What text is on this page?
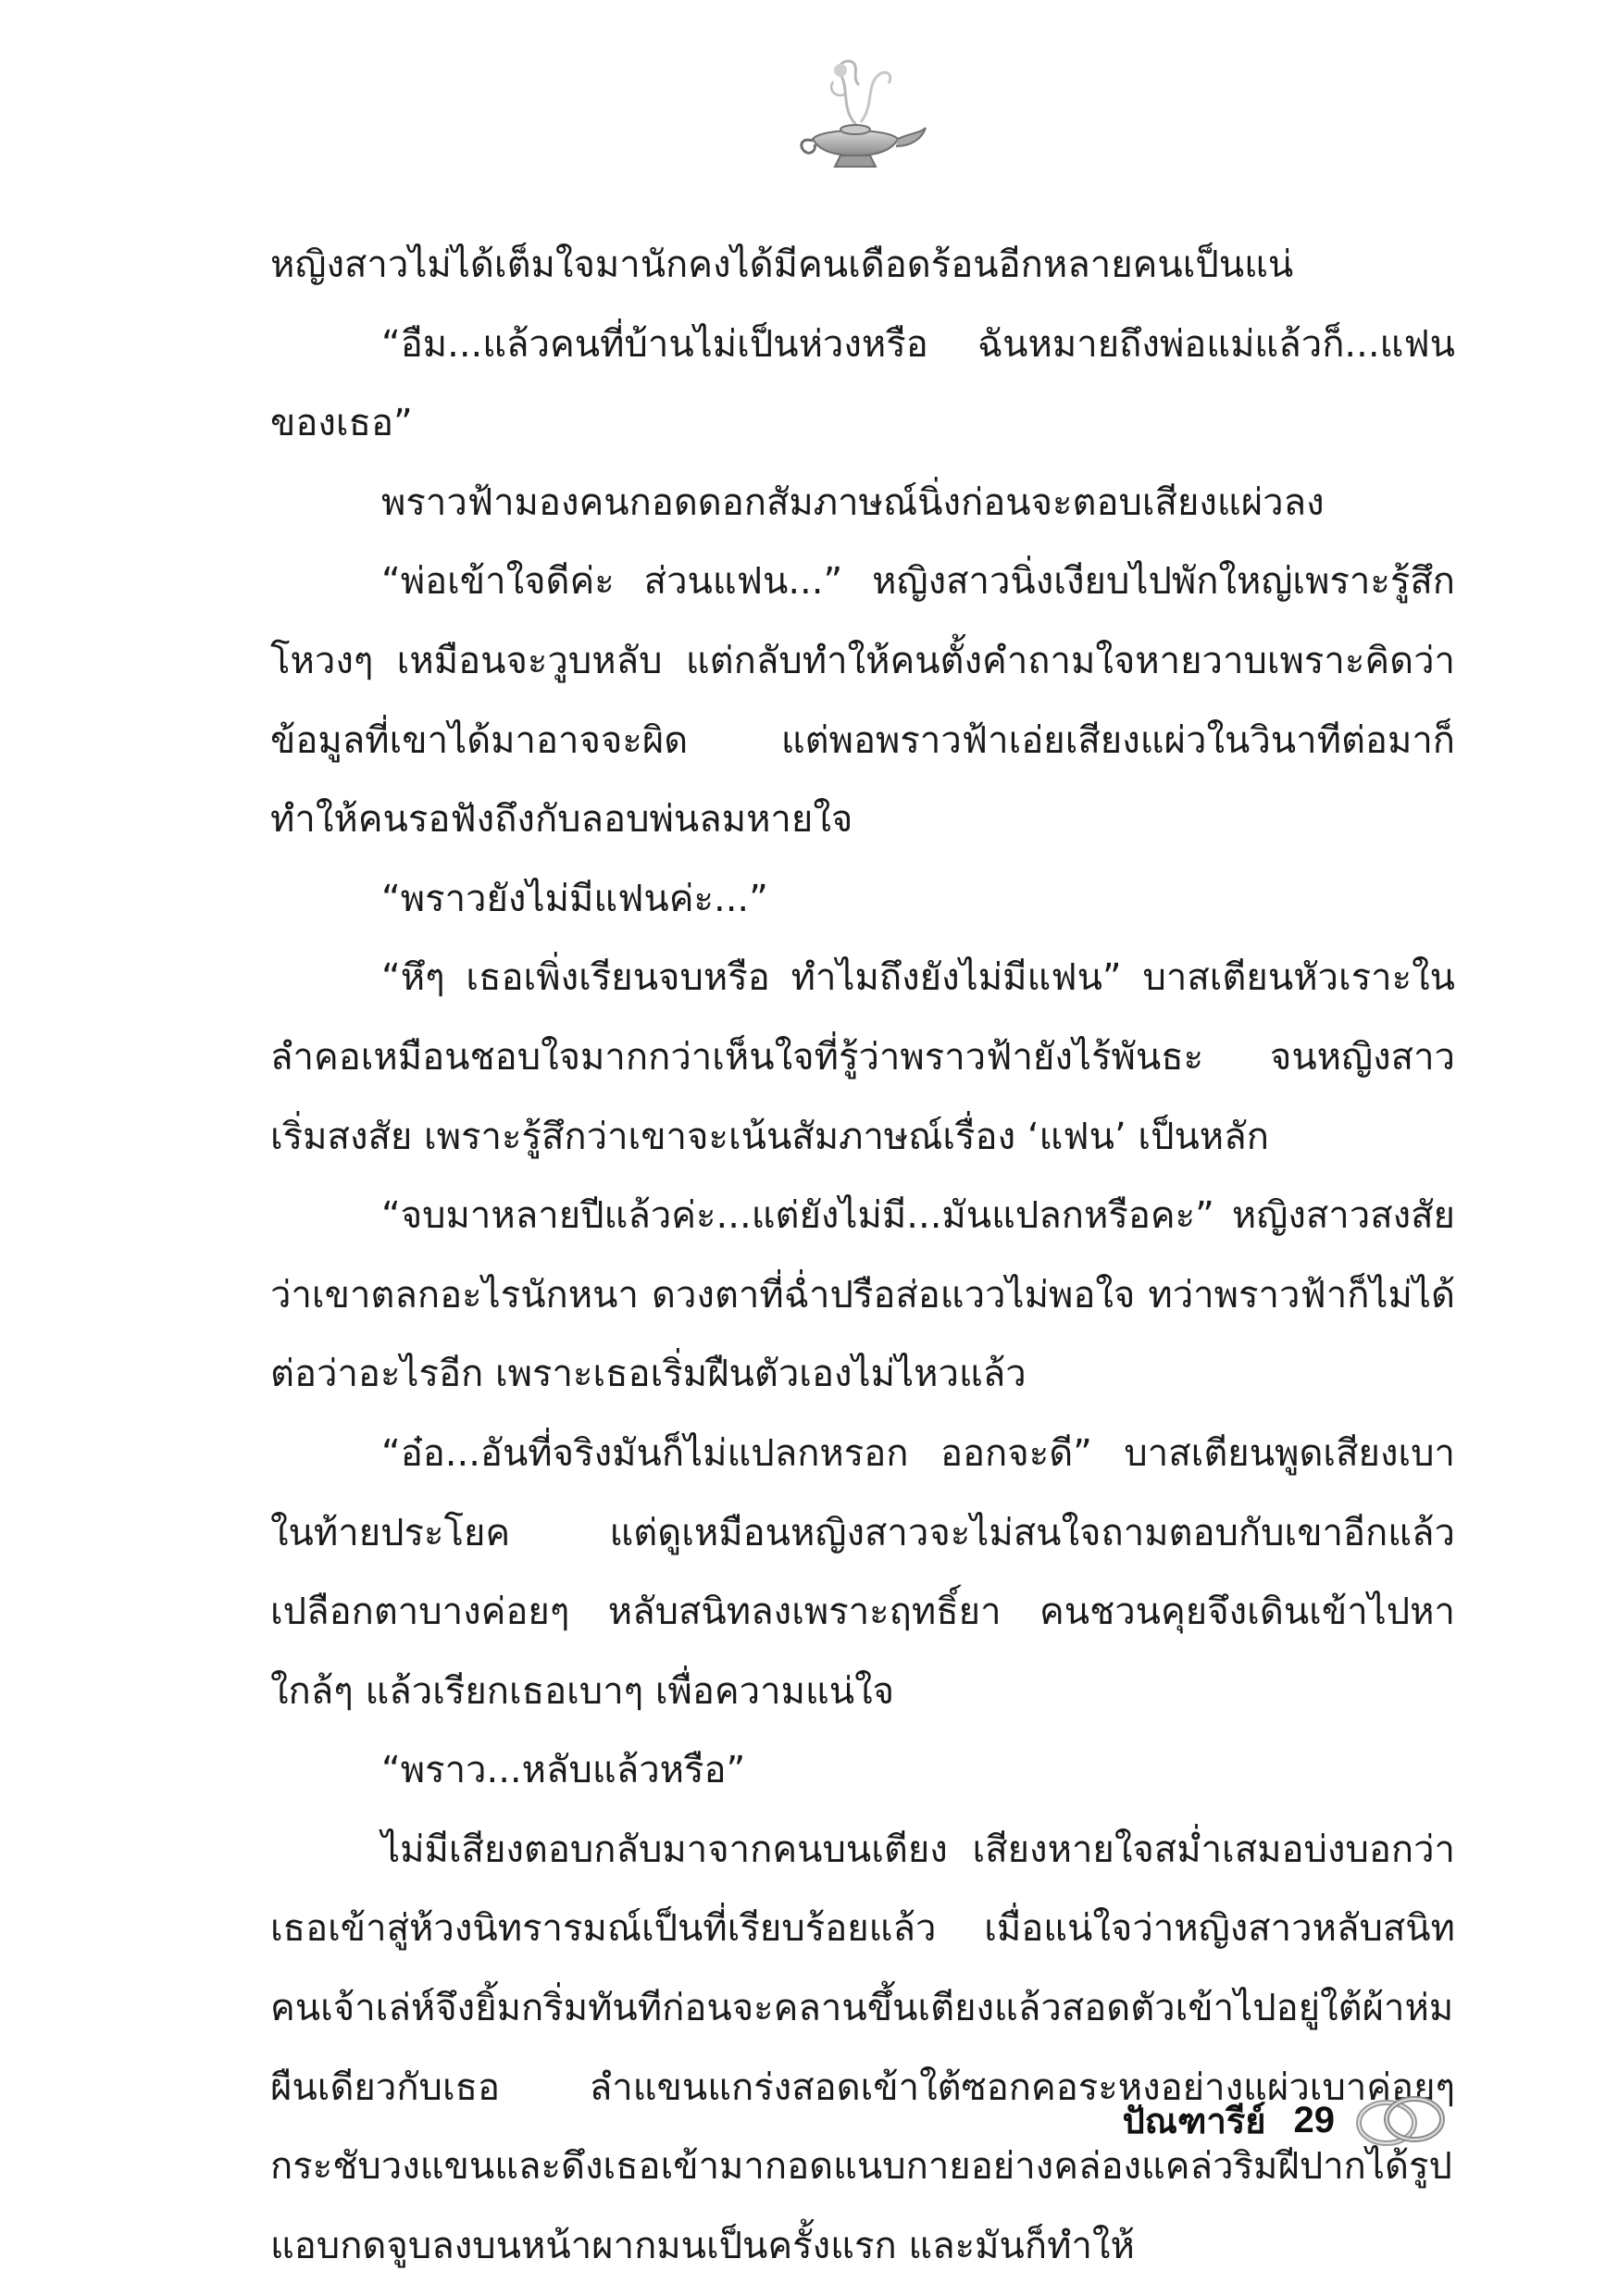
หญิงสาวไม่ได้เต็มใจมานักคงได้มีคนเดือดร้อนอีกหลายคนเป็นแน่

“อืม...แล้วคนที่บ้านไม่เป็นห่วงหรือ ฉันหมายถึงพ่อแม่แล้วก็...แฟนของเธอ”

พราวฟ้ามองคนกอดดอกสัมภาษณ์นิ่งก่อนจะตอบเสียงแผ่วลง

“พ่อเข้าใจดีค่ะ ส่วนแฟน...” หญิงสาวนิ่งเงียบไปพักใหญ่เพราะรู้สึกโหวงๆ เหมือนจะวูบหลับ แต่กลับทำให้คนตั้งคำถามใจหายวาบเพราะคิดว่าข้อมูลที่เขาได้มาอาจจะผิด แต่พอพราวฟ้าเอ่ยเสียงแผ่วในวินาทีต่อมาก็ทำให้คนรอฟังถึงกับลอบพ่นลมหายใจ

“พราวยังไม่มีแฟนค่ะ...”

“หึๆ เธอเพิ่งเรียนจบหรือ ทำไมถึงยังไม่มีแฟน” บาสเตียนหัวเราะในลำคอเหมือนชอบใจมากกว่าเห็นใจที่รู้ว่าพราวฟ้ายังไร้พันธะ จนหญิงสาวเริ่มสงสัย เพราะรู้สึกว่าเขาจะเน้นสัมภาษณ์เรื่อง ‘แฟน’ เป็นหลัก

“จบมาหลายปีแล้วค่ะ...แต่ยังไม่มี...มันแปลกหรือคะ” หญิงสาวสงสัยว่าเขาตลกอะไรนักหนา ดวงตาที่ฉ่ำปรือส่อแววไม่พอใจ ทว่าพราวฟ้าก็ไม่ได้ต่อว่าอะไรอีก เพราะเธอเริ่มฝืนตัวเองไม่ไหวแล้ว

“อ๋อ...อันที่จริงมันก็ไม่แปลกหรอก ออกจะดี” บาสเตียนพูดเสียงเบาในท้ายประโยค แต่ดูเหมือนหญิงสาวจะไม่สนใจถามตอบกับเขาอีกแล้ว เปลือกตาบางค่อยๆ หลับสนิทลงเพราะฤทธิ์ยา คนชวนคุยจึงเดินเข้าไปหาใกล้ๆ แล้วเรียกเธอเบาๆ เพื่อความแน่ใจ

“พราว...หลับแล้วหรือ”

ไม่มีเสียงตอบกลับมาจากคนบนเตียง เสียงหายใจสม่ำเสมอบ่งบอกว่าเธอเข้าสู่ห้วงนิทรารมณ์เป็นที่เรียบร้อยแล้ว เมื่อแน่ใจว่าหญิงสาวหลับสนิทคนเจ้าเล่ห์จึงยิ้มกริ่มทันทีก่อนจะคลานขึ้นเตียงแล้วสอดตัวเข้าไปอยู่ใต้ผ้าห่มผืนเดียวกับเธอ ลำแขนแกร่งสอดเข้าใต้ซอกคอระหงอย่างแผ่วเบาค่อยๆ กระชับวงแขนและดึงเธอเข้ามากอดแนบกายอย่างคล่องแคล่วริมฝีปากได้รูปแอบกดจูบลงบนหน้าผากมนเป็นครั้งแรก และมันก็ทำให้

ปัณฑารีย์ 29
